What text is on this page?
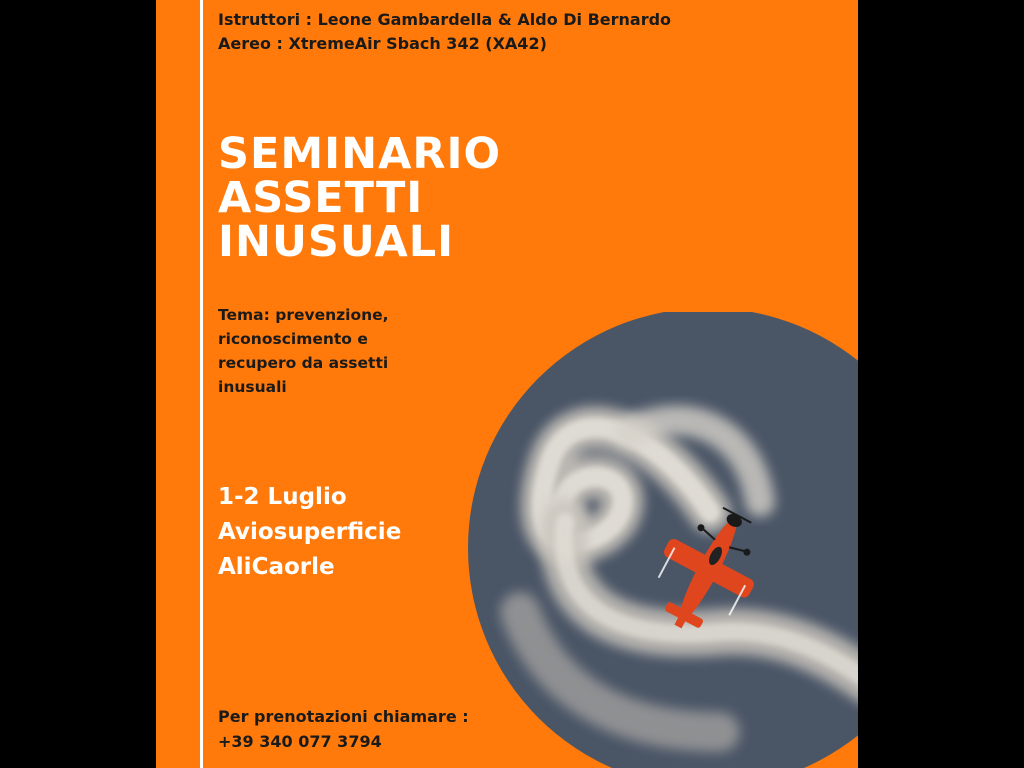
Istruttori : Leone Gambardella & Aldo Di Bernardo
Aereo : XtremeAir Sbach 342 (XA42)
SEMINARIO
ASSETTI
INUSUALI
Tema: prevenzione, riconoscimento e recupero da assetti inusuali
1-2 Luglio
Aviosuperficie
AliCaorle
Per prenotazioni chiamare :
+39 340 077 3794
